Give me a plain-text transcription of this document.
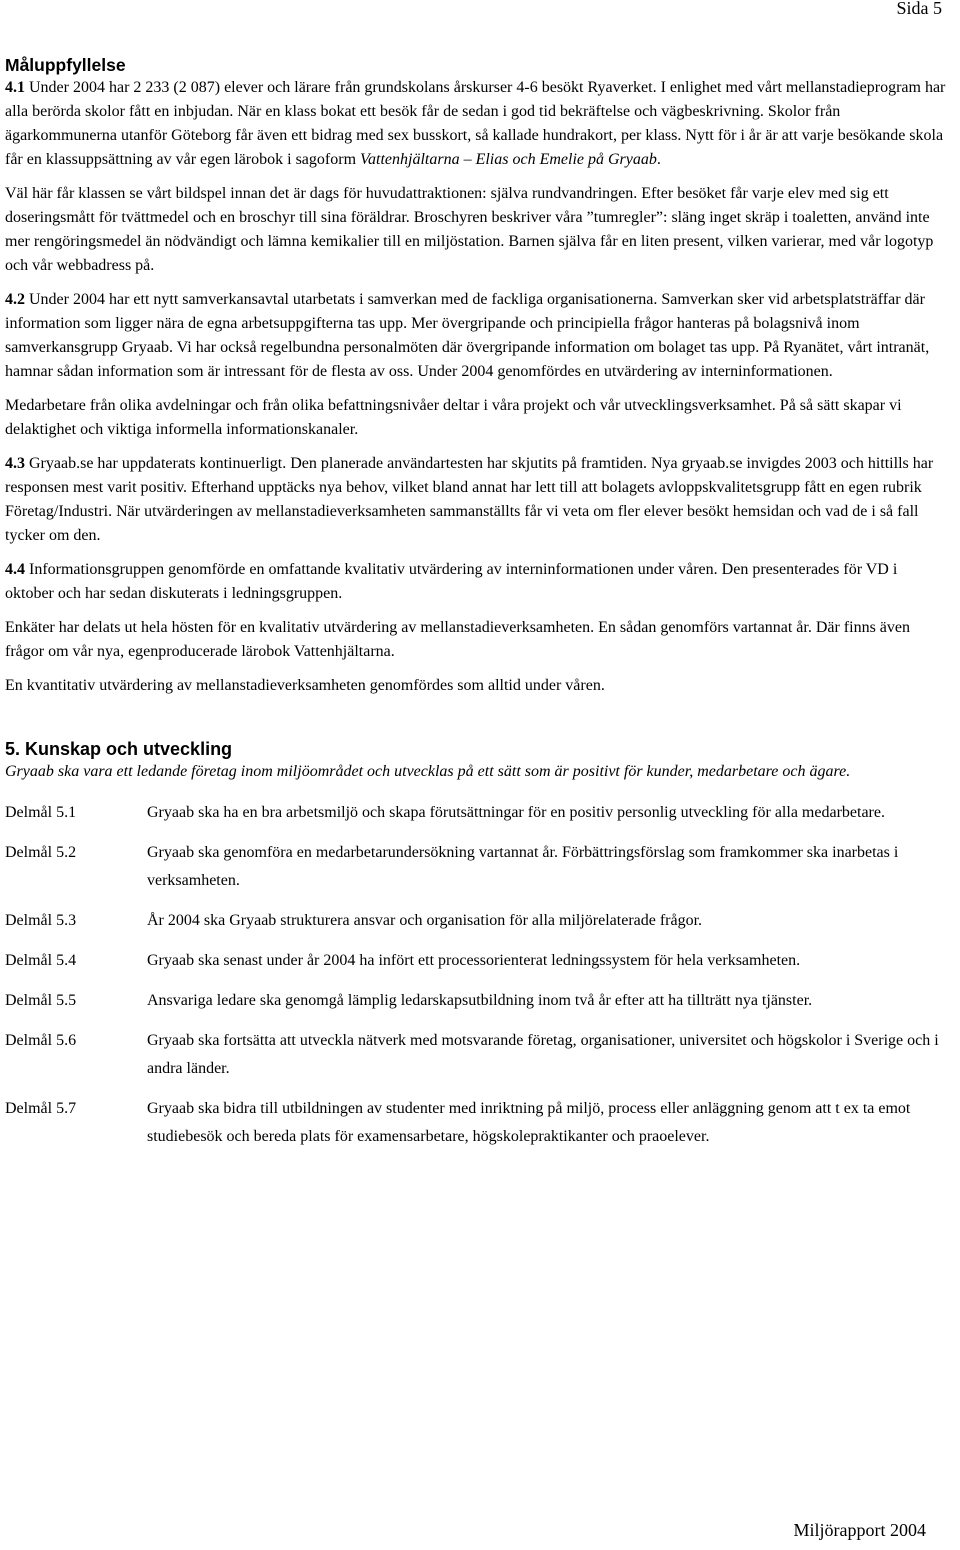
Sida 5
Måluppfyllelse

4.1 Under 2004 har 2 233 (2 087) elever och lärare från grundskolans årskurser 4-6 besökt Ryaverket. I enlighet med vårt mellanstadieprogram har alla berörda skolor fått en inbjudan. När en klass bokat ett besök får de sedan i god tid bekräftelse och vägbeskrivning. Skolor från ägarkommunerna utanför Göteborg får även ett bidrag med sex busskort, så kallade hundrakort, per klass. Nytt för i år är att varje besökande skola får en klassuppsättning av vår egen lärobok i sagoform Vattenhjältarna – Elias och Emelie på Gryaab.

Väl här får klassen se vårt bildspel innan det är dags för huvudattraktionen: själva rundvandringen. Efter besöket får varje elev med sig ett doseringsmått för tvättmedel och en broschyr till sina föräldrar. Broschyren beskriver våra ”tumregler”: släng inget skräp i toaletten, använd inte mer rengöringsmedel än nödvändigt och lämna kemikalier till en miljöstation. Barnen själva får en liten present, vilken varierar, med vår logotyp och vår webbadress på.

4.2 Under 2004 har ett nytt samverkansavtal utarbetats i samverkan med de fackliga organisationerna. Samverkan sker vid arbetsplatsträffar där information som ligger nära de egna arbetsuppgifterna tas upp. Mer övergripande och principiella frågor hanteras på bolagsnivå inom samverkansgrupp Gryaab. Vi har också regelbundna personalmöten där övergripande information om bolaget tas upp. På Ryanätet, vårt intranät, hamnar sådan information som är intressant för de flesta av oss. Under 2004 genomfördes en utvärdering av interninformationen.

Medarbetare från olika avdelningar och från olika befattningsnivåer deltar i våra projekt och vår utvecklingsverksamhet. På så sätt skapar vi delaktighet och viktiga informella informationskanaler.

4.3 Gryaab.se har uppdaterats kontinuerligt. Den planerade användartesten har skjutits på framtiden. Nya gryaab.se invigdes 2003 och hittills har responsen mest varit positiv. Efterhand upptäcks nya behov, vilket bland annat har lett till att bolagets avloppskvalitetsgrupp fått en egen rubrik Företag/Industri. När utvärderingen av mellanstadieverksamheten sammanställts får vi veta om fler elever besökt hemsidan och vad de i så fall tycker om den.

4.4 Informationsgruppen genomförde en omfattande kvalitativ utvärdering av interninformationen under våren. Den presenterades för VD i oktober och har sedan diskuterats i ledningsgruppen.

Enkäter har delats ut hela hösten för en kvalitativ utvärdering av mellanstadieverksamheten. En sådan genomförs vartannat år. Där finns även frågor om vår nya, egenproducerade lärobok Vattenhjältarna.

En kvantitativ utvärdering av mellanstadieverksamheten genomfördes som alltid under våren.

5. Kunskap och utveckling

Gryaab ska vara ett ledande företag inom miljöområdet och utvecklas på ett sätt som är positivt för kunder, medarbetare och ägare.

Delmål 5.1	Gryaab ska ha en bra arbetsmiljö och skapa förutsättningar för en positiv personlig utveckling för alla medarbetare.
Delmål 5.2	Gryaab ska genomföra en medarbetarundersökning vartannat år. Förbättringsförslag som framkommer ska inarbetas i verksamheten.
Delmål 5.3	År 2004 ska Gryaab strukturera ansvar och organisation för alla miljörelaterade frågor.
Delmål 5.4	Gryaab ska senast under år 2004 ha infört ett processorienterat ledningssystem för hela verksamheten.
Delmål 5.5	Ansvariga ledare ska genomgå lämplig ledarskapsutbildning inom två år efter att ha tillträtt nya tjänster.
Delmål 5.6	Gryaab ska fortsätta att utveckla nätverk med motsvarande företag, organisationer, universitet och högskolor i Sverige och i andra länder.
Delmål 5.7	Gryaab ska bidra till utbildningen av studenter med inriktning på miljö, process eller anläggning genom att t ex ta emot studiebesök och bereda plats för examensarbetare, högskolepraktikanter och praoelever.
Miljörapport 2004
